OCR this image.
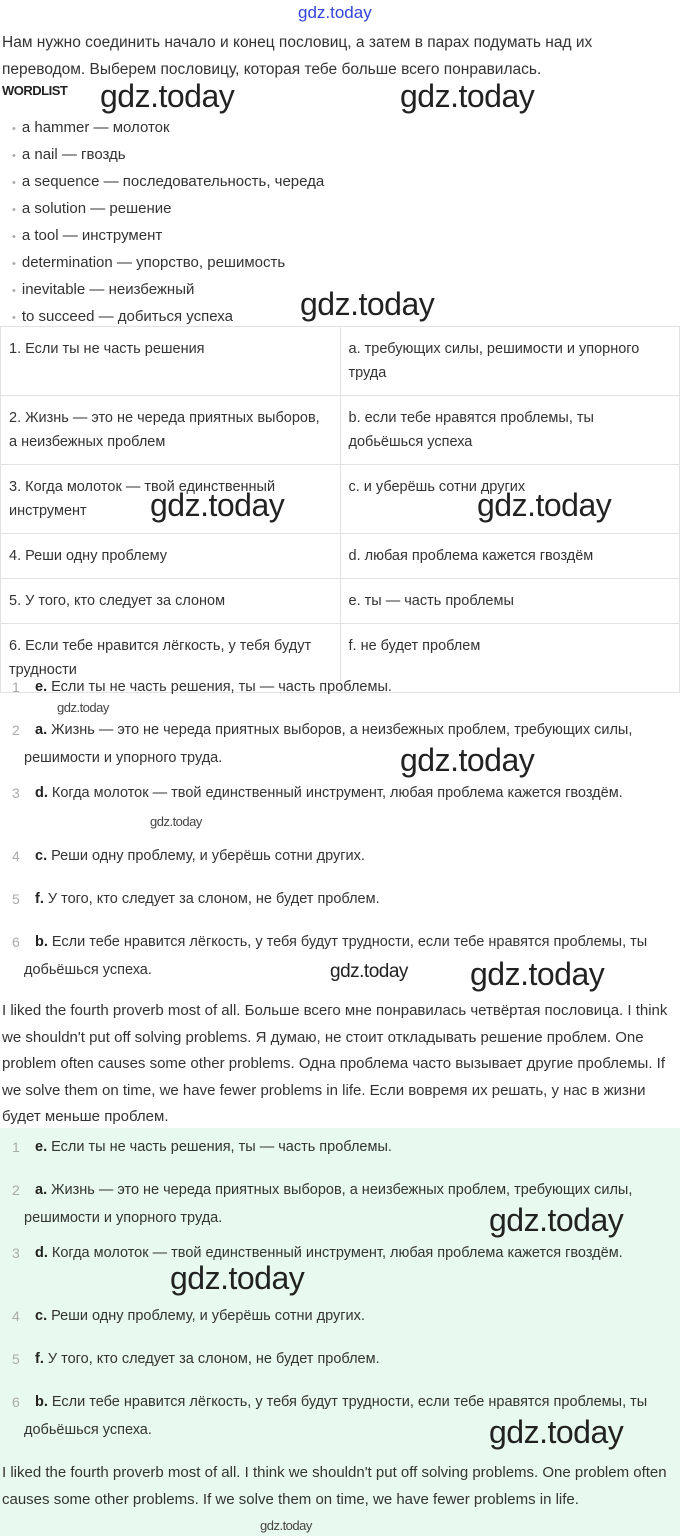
gdz.today

Нам нужно соединить начало и конец пословиц, а затем в парах подумать над их переводом. Выберем пословицу, которая тебе больше всего понравилась.

WORDLIST
• a hammer — молоток
• a nail — гвоздь
• a sequence — последовательность, череда
• a solution — решение
• a tool — инструмент
• determination — упорство, решимость
• inevitable — неизбежный
• to succeed — добиться успеха
1. Если ты не часть решения	a. требующих силы, решимости и упорного труда
2. Жизнь — это не череда приятных выборов, а неизбежных проблем	b. если тебе нравятся проблемы, ты добьёшься успеха
3. Когда молоток — твой единственный инструмент	c. и уберёшь сотни других
4. Реши одну проблему	d. любая проблема кажется гвоздём
5. У того, кто следует за слоном	e. ты — часть проблемы
6. Если тебе нравится лёгкость, у тебя будут трудности	f. не будет проблем
1	e. Если ты не часть решения, ты — часть проблемы.
2	a. Жизнь — это не череда приятных выборов, а неизбежных проблем, требующих силы, решимости и упорного труда.
3	d. Когда молоток — твой единственный инструмент, любая проблема кажется гвоздём.
4	c. Реши одну проблему, и уберёшь сотни других.
5	f. У того, кто следует за слоном, не будет проблем.
6	b. Если тебе нравится лёгкость, у тебя будут трудности, если тебе нравятся проблемы, ты добьёшься успеха.

I liked the fourth proverb most of all. Больше всего мне понравилась четвёртая пословица. I think we shouldn't put off solving problems. Я думаю, не стоит откладывать решение проблем. One problem often causes some other problems. Одна проблема часто вызывает другие проблемы. If we solve them on time, we have fewer problems in life. Если вовремя их решать, у нас в жизни будет меньше проблем.

1	e. Если ты не часть решения, ты — часть проблемы.
2	a. Жизнь — это не череда приятных выборов, а неизбежных проблем, требующих силы, решимости и упорного труда.
3	d. Когда молоток — твой единственный инструмент, любая проблема кажется гвоздём.
4	c. Реши одну проблему, и уберёшь сотни других.
5	f. У того, кто следует за слоном, не будет проблем.
6	b. Если тебе нравится лёгкость, у тебя будут трудности, если тебе нравятся проблемы, ты добьёшься успеха.

I liked the fourth proverb most of all. I think we shouldn't put off solving problems. One problem often causes some other problems. If we solve them on time, we have fewer problems in life.

gdz.today	gdz.today
gdz.today
gdz.today	gdz.today
gdz.today
gdz.today
gdz.today
gdz.today
gdz.today
gdz.today
gdz.today
gdz.today
gdz.today
